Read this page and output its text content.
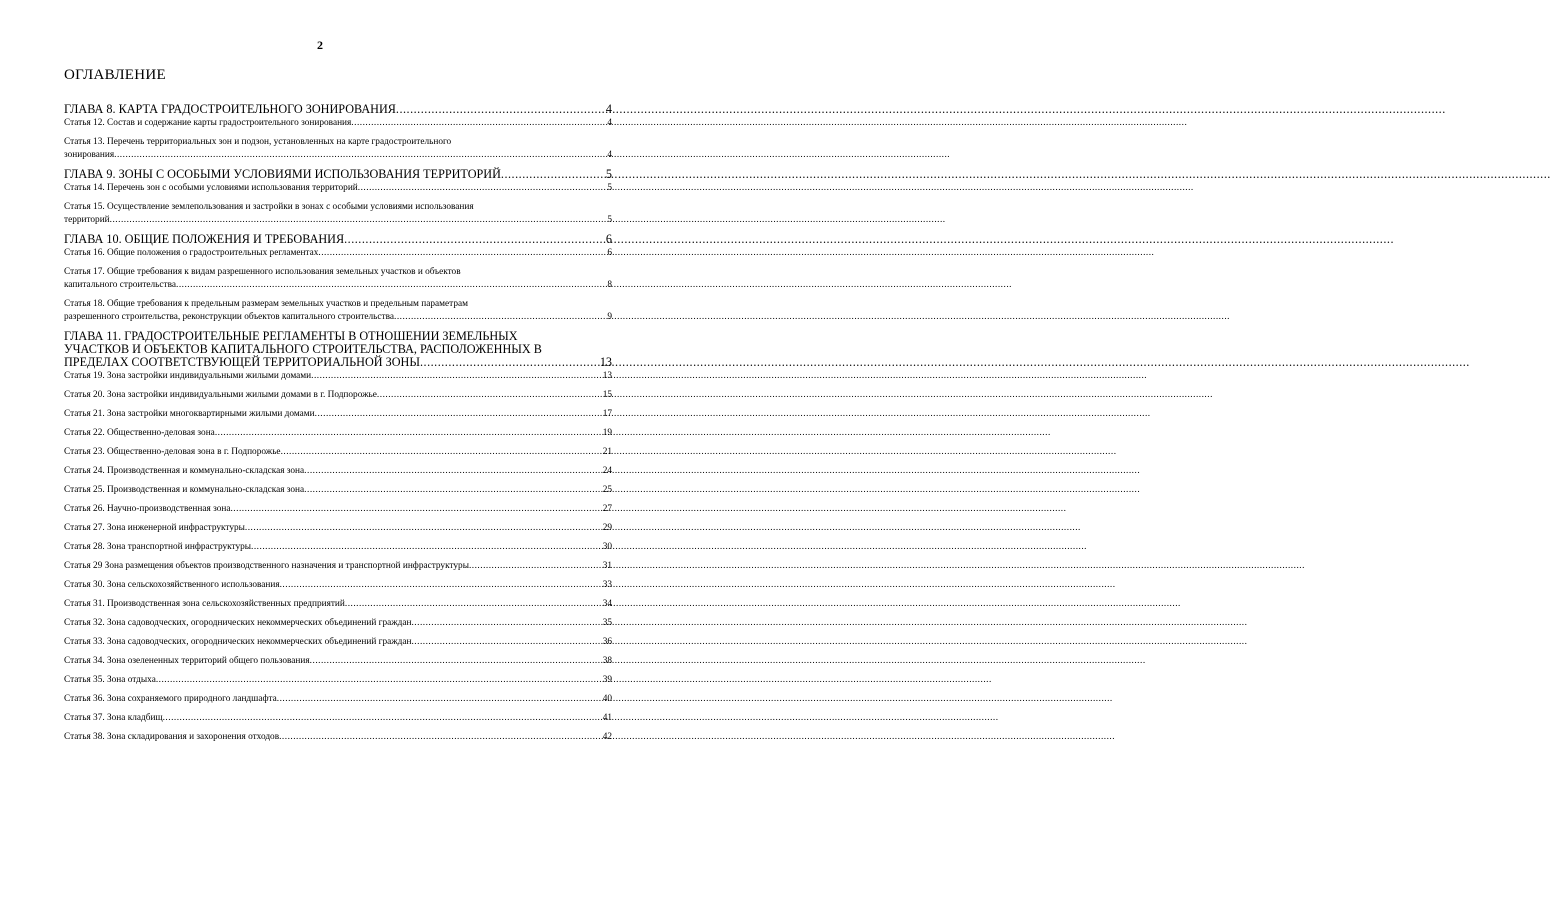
2
ОГЛАВЛЕНИЕ
ГЛАВА 8. КАРТА ГРАДОСТРОИТЕЛЬНОГО ЗОНИРОВАНИЯ .....	4
Статья 12. Состав и содержание карты градостроительного зонирования .....	4
Статья 13. Перечень территориальных зон и подзон, установленных на карте градостроительного
зонирования .....	4
ГЛАВА 9. ЗОНЫ С ОСОБЫМИ УСЛОВИЯМИ ИСПОЛЬЗОВАНИЯ ТЕРРИТОРИЙ .....	5
Статья 14. Перечень зон с особыми условиями использования территорий .....	5
Статья 15. Осуществление землепользования и застройки в зонах с особыми условиями использования
территорий .....	5
ГЛАВА 10. ОБЩИЕ ПОЛОЖЕНИЯ И ТРЕБОВАНИЯ .....	6
Статья 16. Общие положения о градостроительных регламентах .....	6
Статья 17. Общие требования к видам разрешенного использования земельных участков и объектов
капитального строительства .....	8
Статья 18. Общие требования к предельным размерам земельных участков и предельным параметрам
разрешенного строительства, реконструкции объектов капитального строительства .....	9
ГЛАВА 11. ГРАДОСТРОИТЕЛЬНЫЕ РЕГЛАМЕНТЫ В ОТНОШЕНИИ ЗЕМЕЛЬНЫХ
УЧАСТКОВ И ОБЪЕКТОВ КАПИТАЛЬНОГО СТРОИТЕЛЬСТВА, РАСПОЛОЖЕННЫХ В
ПРЕДЕЛАХ СООТВЕТСТВУЮЩЕЙ ТЕРРИТОРИАЛЬНОЙ ЗОНЫ .....	13
Статья 19. Зона застройки индивидуальными жилыми домами .....	13
Статья 20. Зона застройки индивидуальными жилыми домами в г. Подпорожье .....	15
Статья 21. Зона застройки многоквартирными жилыми домами .....	17
Статья 22. Общественно-деловая зона .....	19
Статья 23. Общественно-деловая зона в г. Подпорожье .....	21
Статья 24. Производственная и коммунально-складская зона .....	24
Статья 25. Производственная и коммунально-складская зона .....	25
Статья 26. Научно-производственная зона .....	27
Статья 27. Зона инженерной инфраструктуры .....	29
Статья 28. Зона транспортной инфраструктуры .....	30
Статья 29 Зона размещения объектов производственного назначения и транспортной инфраструктуры .....	31
Статья 30. Зона сельскохозяйственного использования .....	33
Статья 31. Производственная зона сельскохозяйственных предприятий .....	34
Статья 32. Зона садоводческих, огороднических некоммерческих объединений граждан .....	35
Статья 33. Зона садоводческих, огороднических некоммерческих объединений граждан .....	36
Статья 34. Зона озелененных территорий общего пользования .....	38
Статья 35. Зона отдыха .....	39
Статья 36. Зона сохраняемого природного ландшафта .....	40
Статья 37. Зона кладбищ .....	41
Статья 38. Зона складирования и захоронения отходов .....	42
